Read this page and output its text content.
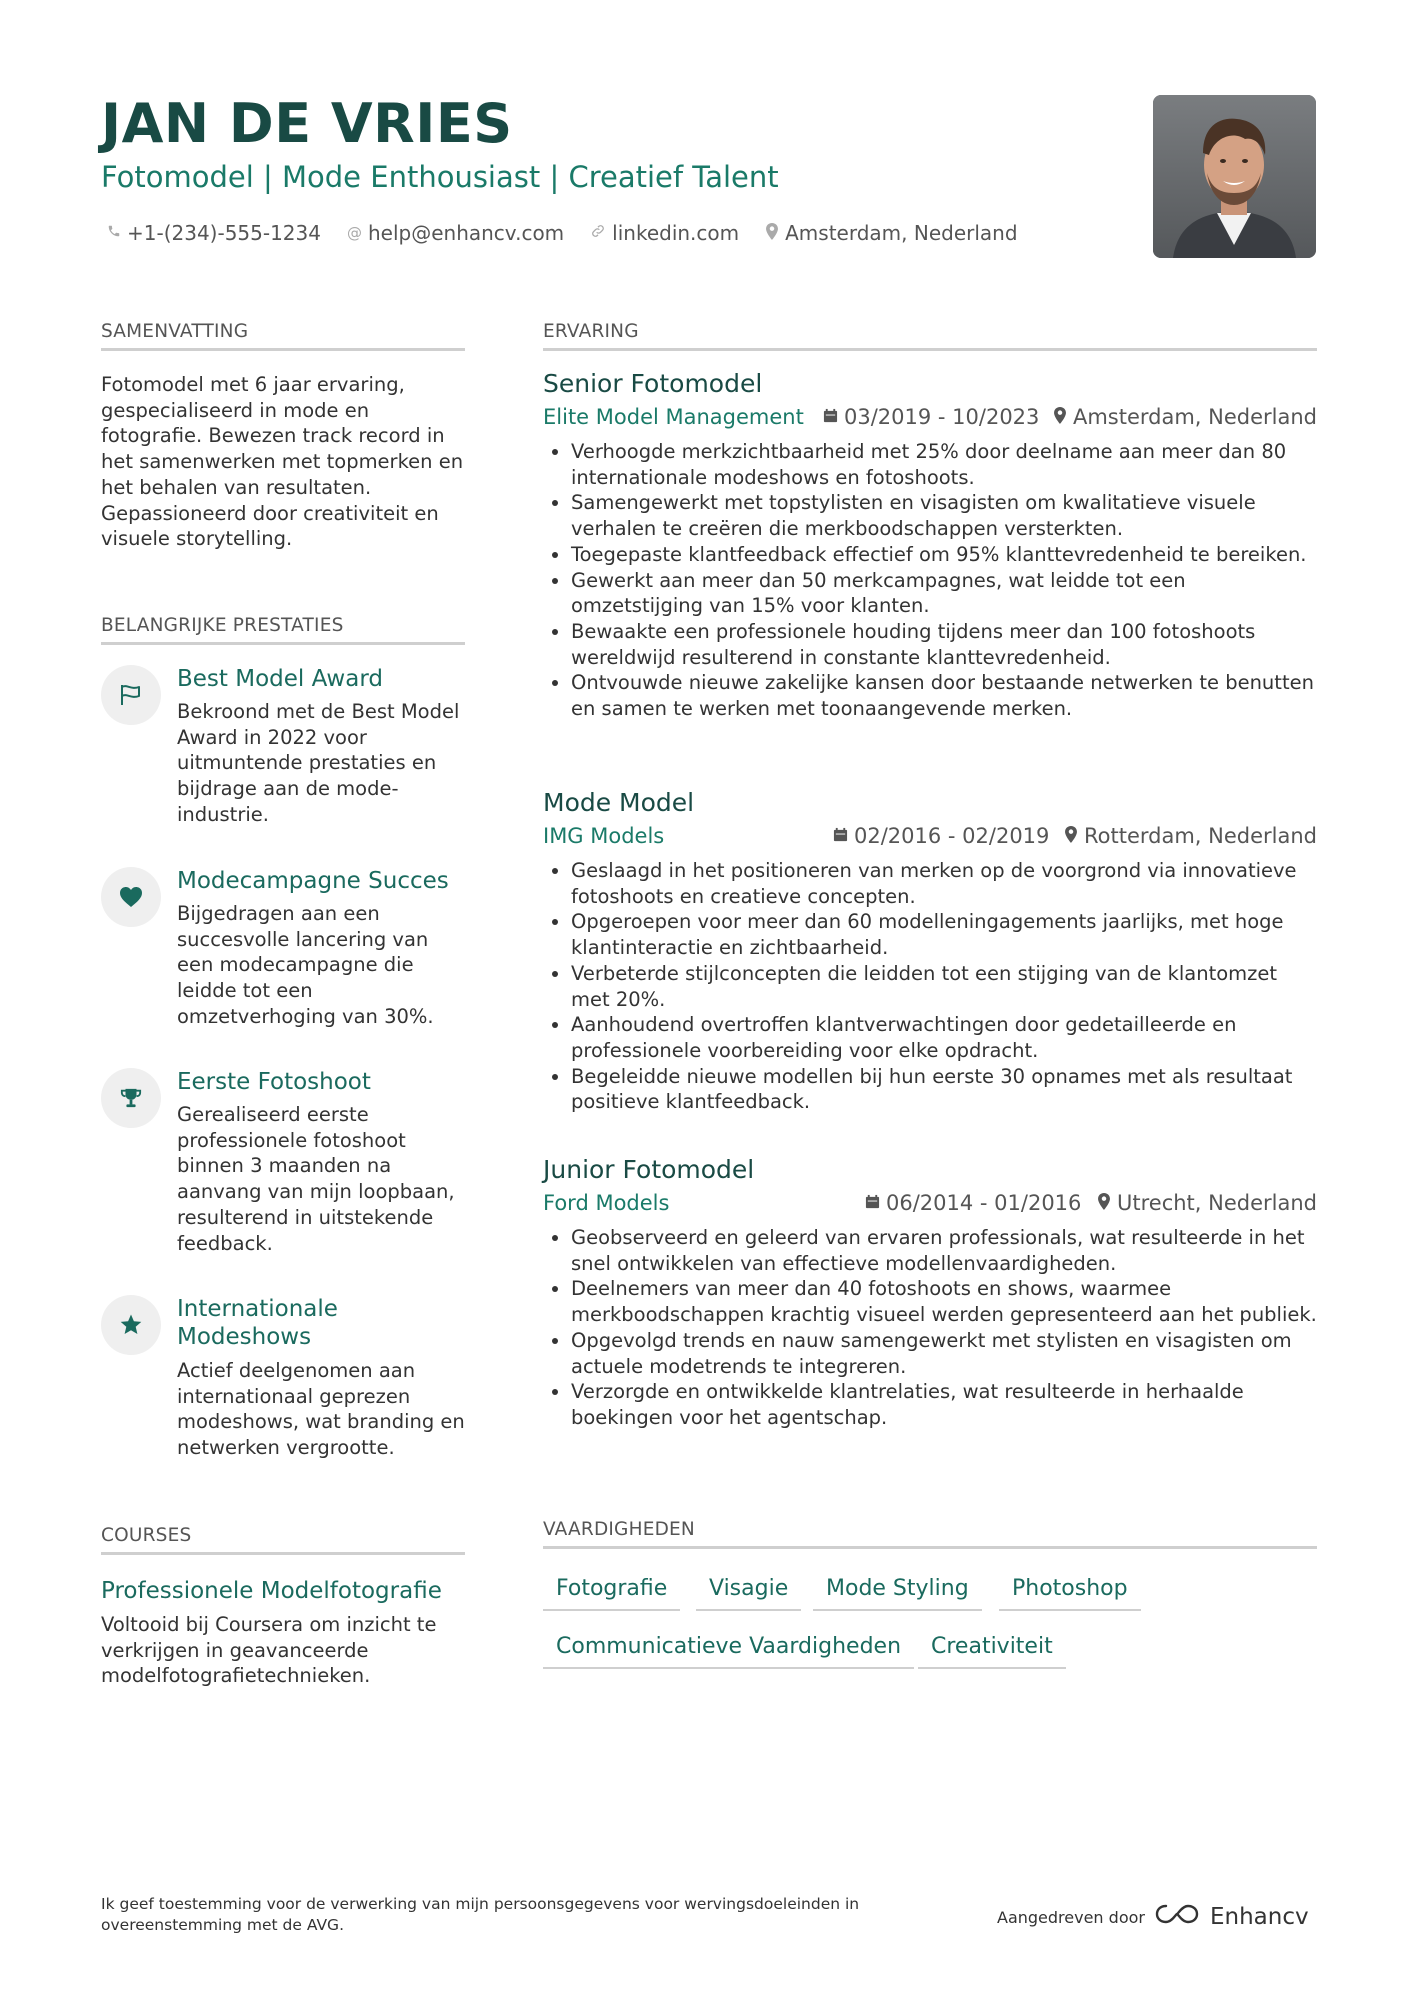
JAN DE VRIES
Fotomodel | Mode Enthousiast | Creatief Talent
+1-(234)-555-1234 @ help@enhancv.com linkedin.com Amsterdam, Nederland
SAMENVATTING
Fotomodel met 6 jaar ervaring, gespecialiseerd in mode en fotografie. Bewezen track record in het samenwerken met topmerken en het behalen van resultaten. Gepassioneerd door creativiteit en visuele storytelling.
BELANGRIJKE PRESTATIES
Best Model Award
Bekroond met de Best Model Award in 2022 voor uitmuntende prestaties en bijdrage aan de mode-industrie.
Modecampagne Succes
Bijgedragen aan een succesvolle lancering van een modecampagne die leidde tot een omzetverhoging van 30%.
Eerste Fotoshoot
Gerealiseerd eerste professionele fotoshoot binnen 3 maanden na aanvang van mijn loopbaan, resulterend in uitstekende feedback.
Internationale Modeshows
Actief deelgenomen aan internationaal geprezen modeshows, wat branding en netwerken vergrootte.
COURSES
Professionele Modelfotografie
Voltooid bij Coursera om inzicht te verkrijgen in geavanceerde modelfotografietechnieken.
ERVARING
Senior Fotomodel
Elite Model Management 03/2019 - 10/2023 Amsterdam, Nederland
• Verhoogde merkzichtbaarheid met 25% door deelname aan meer dan 80 internationale modeshows en fotoshoots.
• Samengewerkt met topstylisten en visagisten om kwalitatieve visuele verhalen te creëren die merkboodschappen versterkten.
• Toegepaste klantfeedback effectief om 95% klanttevredenheid te bereiken.
• Gewerkt aan meer dan 50 merkcampagnes, wat leidde tot een omzetstijging van 15% voor klanten.
• Bewaakte een professionele houding tijdens meer dan 100 fotoshoots wereldwijd resulterend in constante klanttevredenheid.
• Ontvouwde nieuwe zakelijke kansen door bestaande netwerken te benutten en samen te werken met toonaangevende merken.
Mode Model
IMG Models	02/2016 - 02/2019 Rotterdam, Nederland
• Geslaagd in het positioneren van merken op de voorgrond via innovatieve fotoshoots en creatieve concepten.
• Opgeroepen voor meer dan 60 modelleningagements jaarlijks, met hoge klantinteractie en zichtbaarheid.
• Verbeterde stijlconcepten die leidden tot een stijging van de klantomzet met 20%.
• Aanhoudend overtroffen klantverwachtingen door gedetailleerde en professionele voorbereiding voor elke opdracht.
• Begeleidde nieuwe modellen bij hun eerste 30 opnames met als resultaat positieve klantfeedback.
Junior Fotomodel
Ford Models	06/2014 - 01/2016 Utrecht, Nederland
• Geobserveerd en geleerd van ervaren professionals, wat resulteerde in het snel ontwikkelen van effectieve modellenvaardigheden.
• Deelnemers van meer dan 40 fotoshoots en shows, waarmee merkboodschappen krachtig visueel werden gepresenteerd aan het publiek.
• Opgevolgd trends en nauw samengewerkt met stylisten en visagisten om actuele modetrends te integreren.
• Verzorgde en ontwikkelde klantrelaties, wat resulteerde in herhaalde boekingen voor het agentschap.
VAARDIGHEDEN
Fotografie	Visagie	Mode Styling	Photoshop
Communicatieve Vaardigheden	Creativiteit
Ik geef toestemming voor de verwerking van mijn persoonsgegevens voor wervingsdoeleinden in overeenstemming met de AVG.	Aangedreven door	Enhancv
